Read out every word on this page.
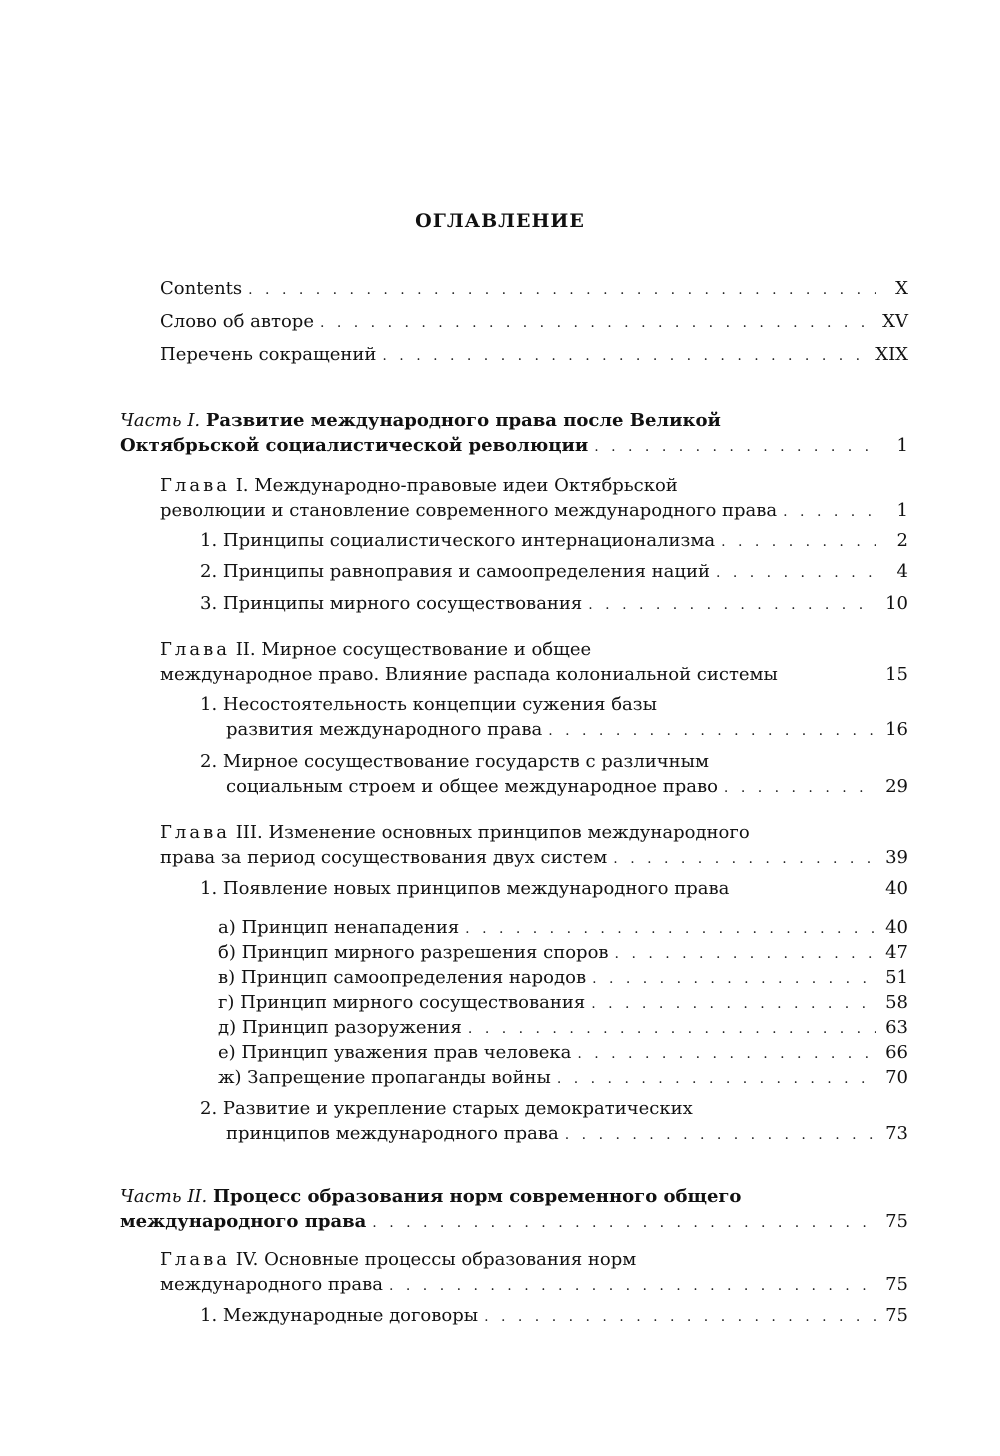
ОГЛАВЛЕНИЕ
Contents . . .	X
Слово об авторе . . .	XV
Перечень сокращений . . .	XIX
Часть I. Развитие международного права после Великой
Октябрьской социалистической революции . . .	1
Глава I. Международно-правовые идеи Октябрьской
революции и становление современного международного права . . .	1
1. Принципы социалистического интернационализма . . .	2
2. Принципы равноправия и самоопределения наций . . .	4
3. Принципы мирного сосуществования . . .	10
Глава II. Мирное сосуществование и общее
международное право. Влияние распада колониальной системы	15
1. Несостоятельность концепции сужения базы
развития международного права . . .	16
2. Мирное сосуществование государств с различным
социальным строем и общее международное право . . .	29
Глава III. Изменение основных принципов международного
права за период сосуществования двух систем . . .	39
1. Появление новых принципов международного права	40
а) Принцип ненападения . . .	40
б) Принцип мирного разрешения споров . . .	47
в) Принцип самоопределения народов . . .	51
г) Принцип мирного сосуществования . . .	58
д) Принцип разоружения . . .	63
е) Принцип уважения прав человека . . .	66
ж) Запрещение пропаганды войны . . .	70
2. Развитие и укрепление старых демократических
принципов международного права . . .	73
Часть II. Процесс образования норм современного общего
международного права . . .	75
Глава IV. Основные процессы образования норм
международного права . . .	75
1. Международные договоры . . .	75
